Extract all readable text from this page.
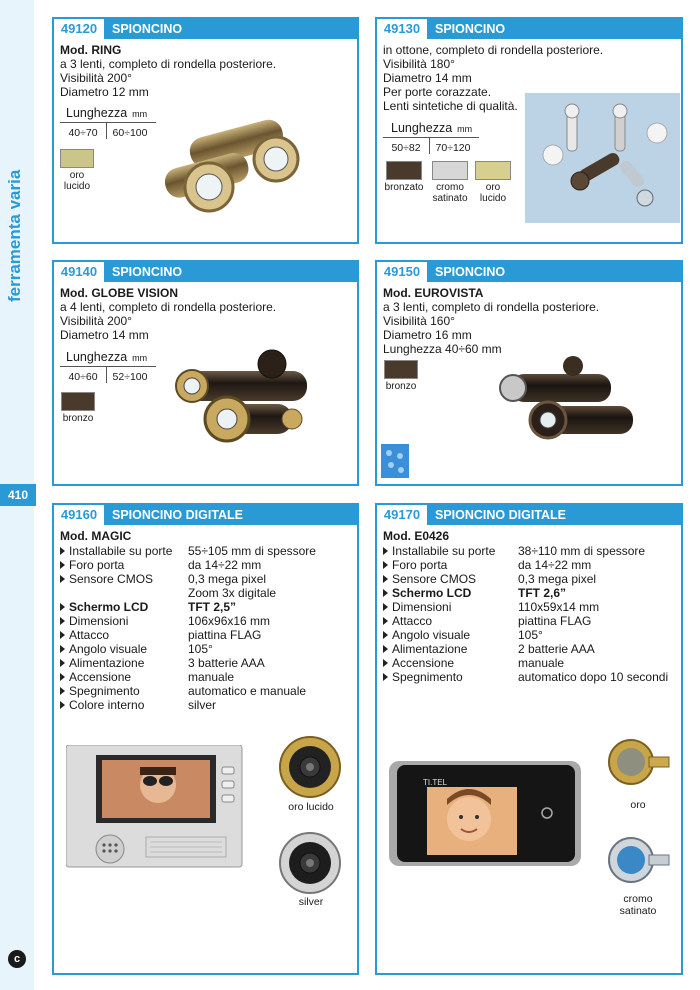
ferramenta varia
410
c
49120	SPIONCINO
Mod. RING
a 3 lenti, completo di rondella posteriore.
Visibilità 200°
Diametro 12 mm
Lunghezza mm
40÷70	60÷100
oro
lucido
49130	SPIONCINO
in ottone, completo di rondella posteriore.
Visibilità 180°
Diametro 14 mm
Per porte corazzate.
Lenti sintetiche di qualità.
Lunghezza mm
50÷82	70÷120
bronzato	cromo
satinato
oro
lucido
49140	SPIONCINO
Mod. GLOBE VISION
a 4 lenti, completo di rondella posteriore.
Visibilità 200°
Diametro 14 mm
Lunghezza mm
40÷60	52÷100
bronzo
49150	SPIONCINO
Mod. EUROVISTA
a 3 lenti, completo di rondella posteriore.
Visibilità 160°
Diametro 16 mm
Lunghezza 40÷60 mm
bronzo
49160	SPIONCINO DIGITALE
Mod. MAGIC
Installabile su porte 55÷105 mm di spessore
Foro porta	da 14÷22 mm
Sensore CMOS	0,3 mega pixel
Zoom 3x digitale
Schermo LCD	TFT 2,5”
Dimensioni	106x96x16 mm
Attacco	piattina FLAG
Angolo visuale	105°
Alimentazione	3 batterie AAA
Accensione	manuale
Spegnimento	automatico e manuale
Colore interno	silver
oro lucido
silver
49170	SPIONCINO DIGITALE
Mod. E0426
Installabile su porte 38÷110 mm di spessore
Foro porta	da 14÷22 mm
Sensore CMOS	0,3 mega pixel
Schermo LCD	TFT 2,6”
Dimensioni	110x59x14 mm
Attacco	piattina FLAG
Angolo visuale	105°
Alimentazione	2 batterie AAA
Accensione	manuale
Spegnimento	automatico dopo 10 secondi
TI.TEL
oro
cromo
satinato
